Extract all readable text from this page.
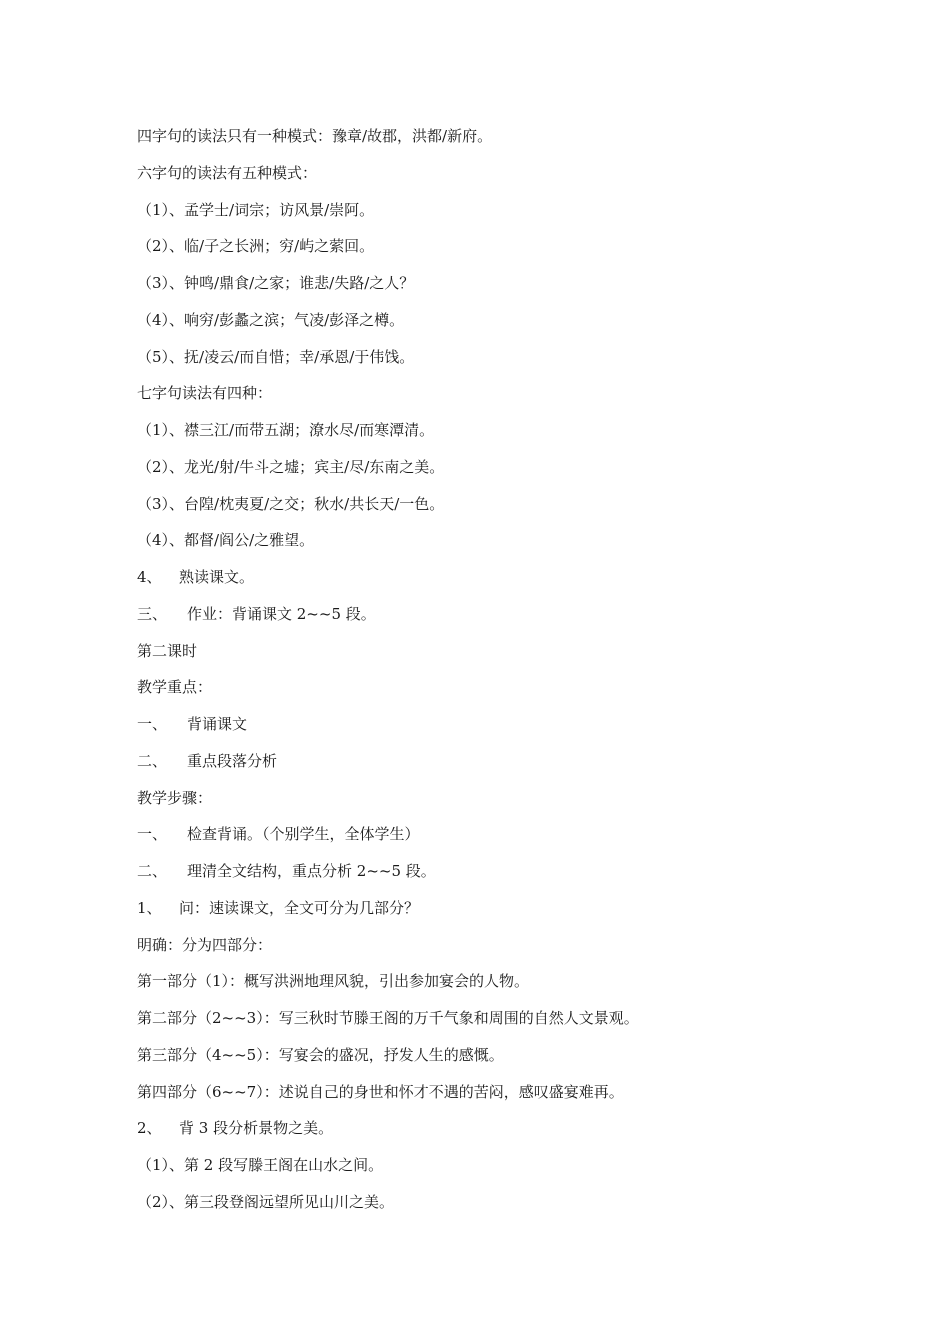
四字句的读法只有一种模式：豫章/故郡，洪都/新府。
六字句的读法有五种模式：
（1）、孟学士/词宗；访风景/崇阿。
（2）、临/子之长洲；穷/屿之萦回。
（3）、钟鸣/鼎食/之家；谁悲/失路/之人？
（4）、响穷/彭蠡之滨；气凌/彭泽之樽。
（5）、抚/凌云/而自惜；幸/承恩/于伟饯。
七字句读法有四种：
（1）、襟三江/而带五湖；潦水尽/而寒潭清。
（2）、龙光/射/牛斗之墟；宾主/尽/东南之美。
（3）、台隍/枕夷夏/之交；秋水/共长天/一色。
（4）、都督/阎公/之雅望。
4、 熟读课文。
三、 作业：背诵课文 2~~5 段。
第二课时
教学重点：
一、 背诵课文
二、 重点段落分析
教学步骤：
一、 检查背诵。（个别学生，全体学生）
二、 理清全文结构，重点分析 2~~5 段。
1、 问：速读课文，全文可分为几部分？
明确：分为四部分：
第一部分（1）：概写洪洲地理风貌，引出参加宴会的人物。
第二部分（2~~3）：写三秋时节滕王阁的万千气象和周围的自然人文景观。
第三部分（4~~5）：写宴会的盛况，抒发人生的感慨。
第四部分（6~~7）：述说自己的身世和怀才不遇的苦闷，感叹盛宴难再。
2、 背 3 段分析景物之美。
（1）、第 2 段写滕王阁在山水之间。
（2）、第三段登阁远望所见山川之美。
